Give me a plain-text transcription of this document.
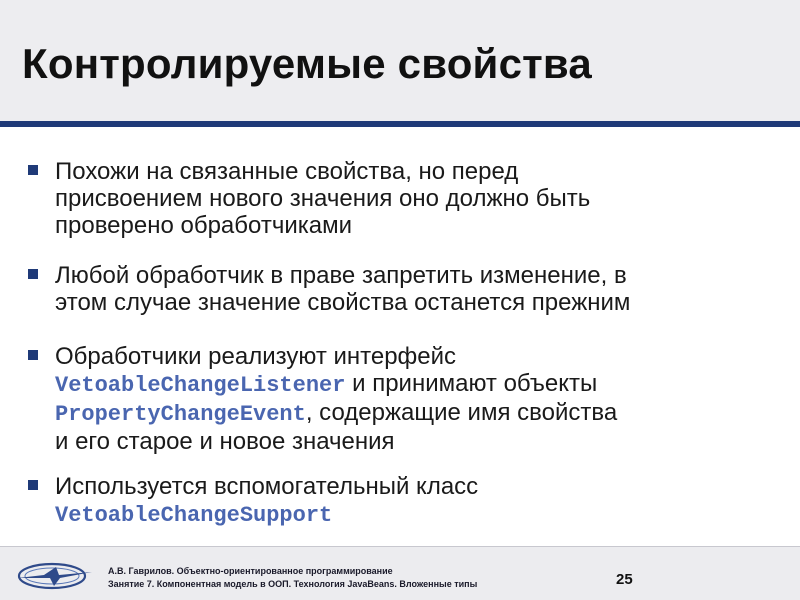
Контролируемые свойства
Похожи на связанные свойства, но перед
присвоением нового значения оно должно быть
проверено обработчиками
Любой обработчик в праве запретить изменение, в
этом случае значение свойства останется прежним
Обработчики реализуют интерфейс
VetoableChangeListener и принимают объекты
PropertyChangeEvent, содержащие имя свойства
и его старое и новое значения
Используется вспомогательный класс
VetoableChangeSupport
А.В. Гаврилов. Объектно-ориентированное программирование
Занятие 7. Компонентная модель в ООП. Технология JavaBeans. Вложенные типы	25
